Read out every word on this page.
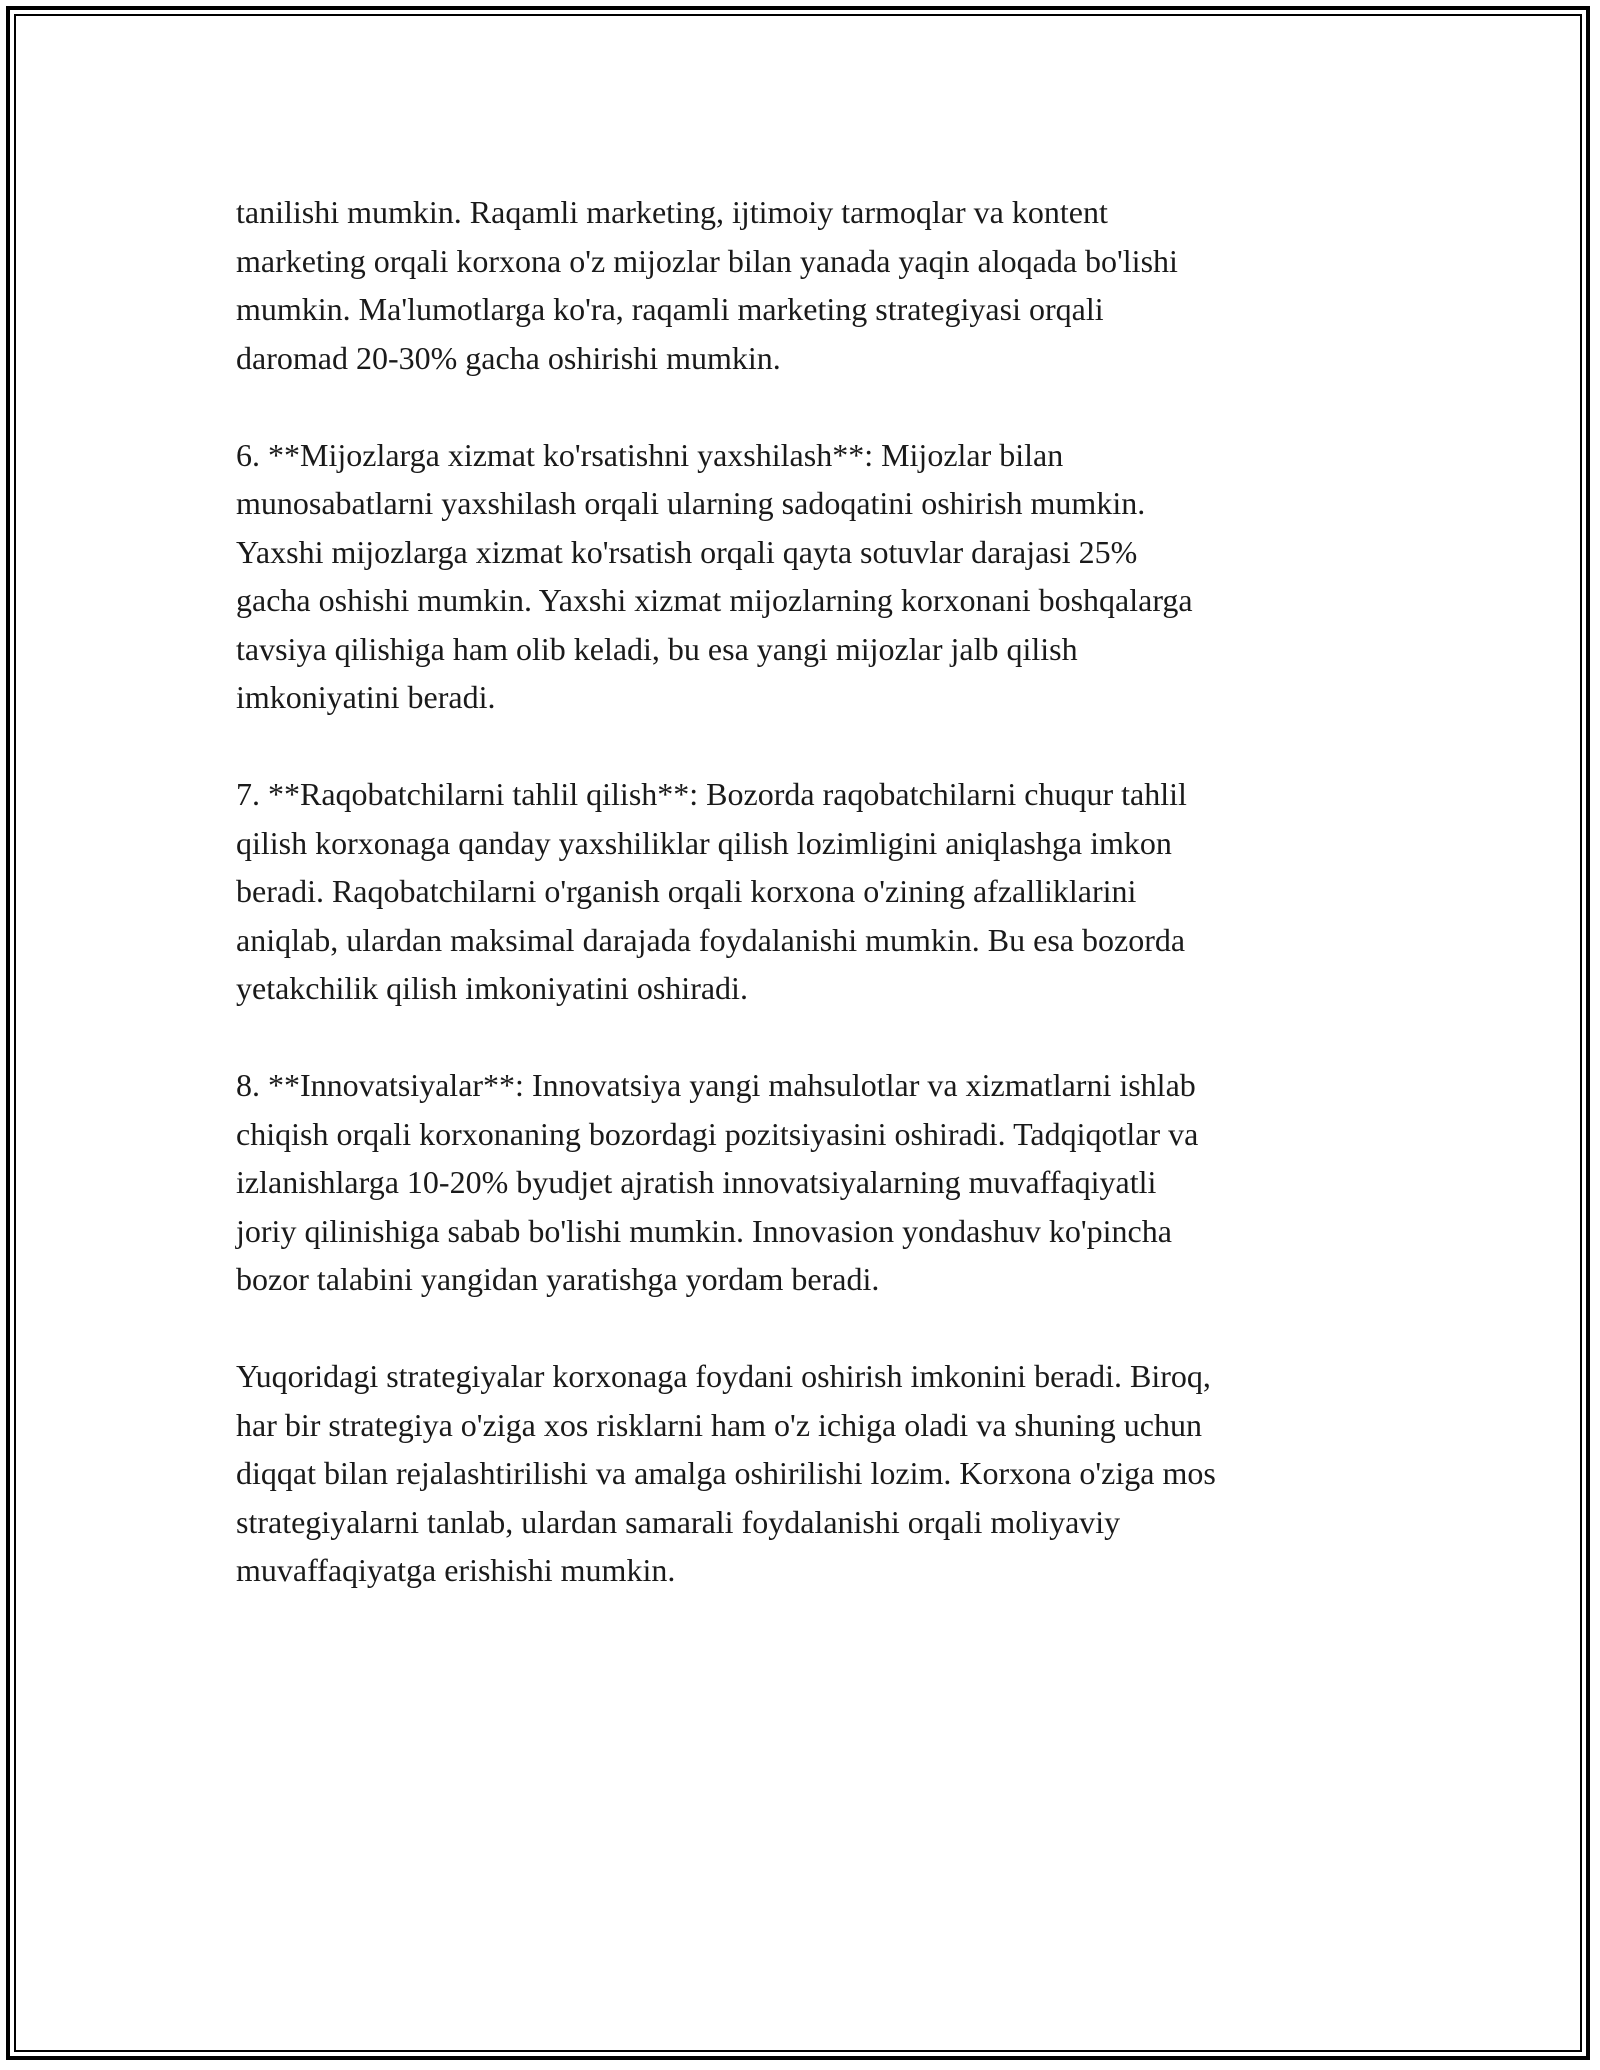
tanilishi mumkin. Raqamli marketing, ijtimoiy tarmoqlar va kontent
marketing orqali korxona o'z mijozlar bilan yanada yaqin aloqada bo'lishi
mumkin. Ma'lumotlarga ko'ra, raqamli marketing strategiyasi orqali
daromad 20-30% gacha oshirishi mumkin.

6. **Mijozlarga xizmat ko'rsatishni yaxshilash**: Mijozlar bilan
munosabatlarni yaxshilash orqali ularning sadoqatini oshirish mumkin.
Yaxshi mijozlarga xizmat ko'rsatish orqali qayta sotuvlar darajasi 25%
gacha oshishi mumkin. Yaxshi xizmat mijozlarning korxonani boshqalarga
tavsiya qilishiga ham olib keladi, bu esa yangi mijozlar jalb qilish
imkoniyatini beradi.

7. **Raqobatchilarni tahlil qilish**: Bozorda raqobatchilarni chuqur tahlil
qilish korxonaga qanday yaxshiliklar qilish lozimligini aniqlashga imkon
beradi. Raqobatchilarni o'rganish orqali korxona o'zining afzalliklarini
aniqlab, ulardan maksimal darajada foydalanishi mumkin. Bu esa bozorda
yetakchilik qilish imkoniyatini oshiradi.

8. **Innovatsiyalar**: Innovatsiya yangi mahsulotlar va xizmatlarni ishlab
chiqish orqali korxonaning bozordagi pozitsiyasini oshiradi. Tadqiqotlar va
izlanishlarga 10-20% byudjet ajratish innovatsiyalarning muvaffaqiyatli
joriy qilinishiga sabab bo'lishi mumkin. Innovasion yondashuv ko'pincha
bozor talabini yangidan yaratishga yordam beradi.

Yuqoridagi strategiyalar korxonaga foydani oshirish imkonini beradi. Biroq,
har bir strategiya o'ziga xos risklarni ham o'z ichiga oladi va shuning uchun
diqqat bilan rejalashtirilishi va amalga oshirilishi lozim. Korxona o'ziga mos
strategiyalarni tanlab, ulardan samarali foydalanishi orqali moliyaviy
muvaffaqiyatga erishishi mumkin.
